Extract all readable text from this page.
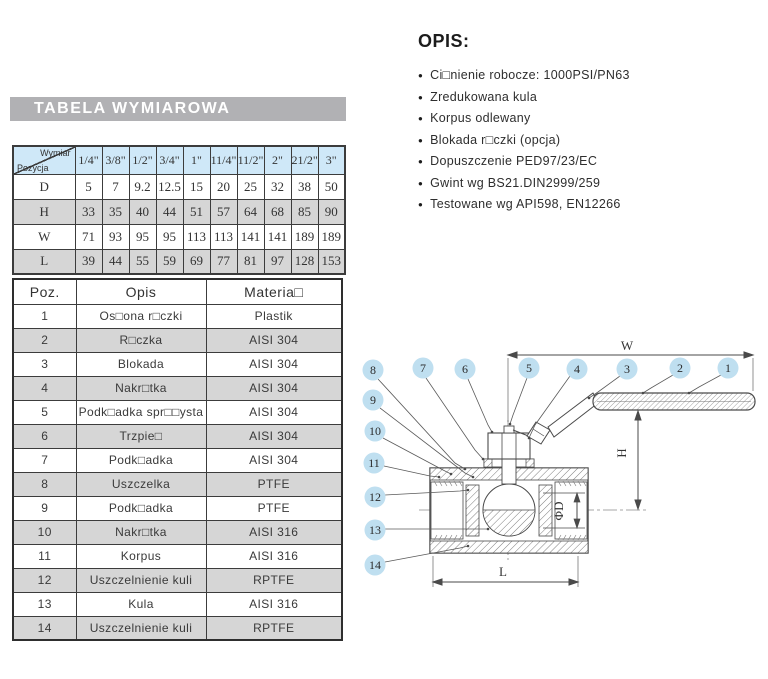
TABELA WYMIAROWA
Wymiar
Pozycja	1/4"	3/8"	1/2"	3/4"	1"	11/4"	11/2"	2"	21/2"	3"
D	5	7	9.2	12.5	15	20	25	32	38	50
H	33	35	40	44	51	57	64	68	85	90
W	71	93	95	95	113	113	141	141	189	189
L	39	44	55	59	69	77	81	97	128	153
Poz.	Opis	Materia□
1	Os□ona r□czki	Plastik
2	R□czka	AISI 304
3	Blokada	AISI 304
4	Nakr□tka	AISI 304
5	Podk□adka spr□□ysta	AISI 304
6	Trzpie□	AISI 304
7	Podk□adka	AISI 304
8	Uszczelka	PTFE
9	Podk□adka	PTFE
10	Nakr□tka	AISI 316
11	Korpus	AISI 316
12	Uszczelnienie kuli	RPTFE
13	Kula	AISI 316
14	Uszczelnienie kuli	RPTFE
OPIS:
● Ci□nienie robocze: 1000PSI/PN63
● Zredukowana kula
● Korpus odlewany
● Blokada r□czki (opcja)
● Dopuszczenie PED97/23/EC
● Gwint wg BS21.DIN2999/259
● Testowane wg API598, EN12266
W
H
ΦD
L
1
2
3
4
5
6
7
8
9
10
11
12
13
14
